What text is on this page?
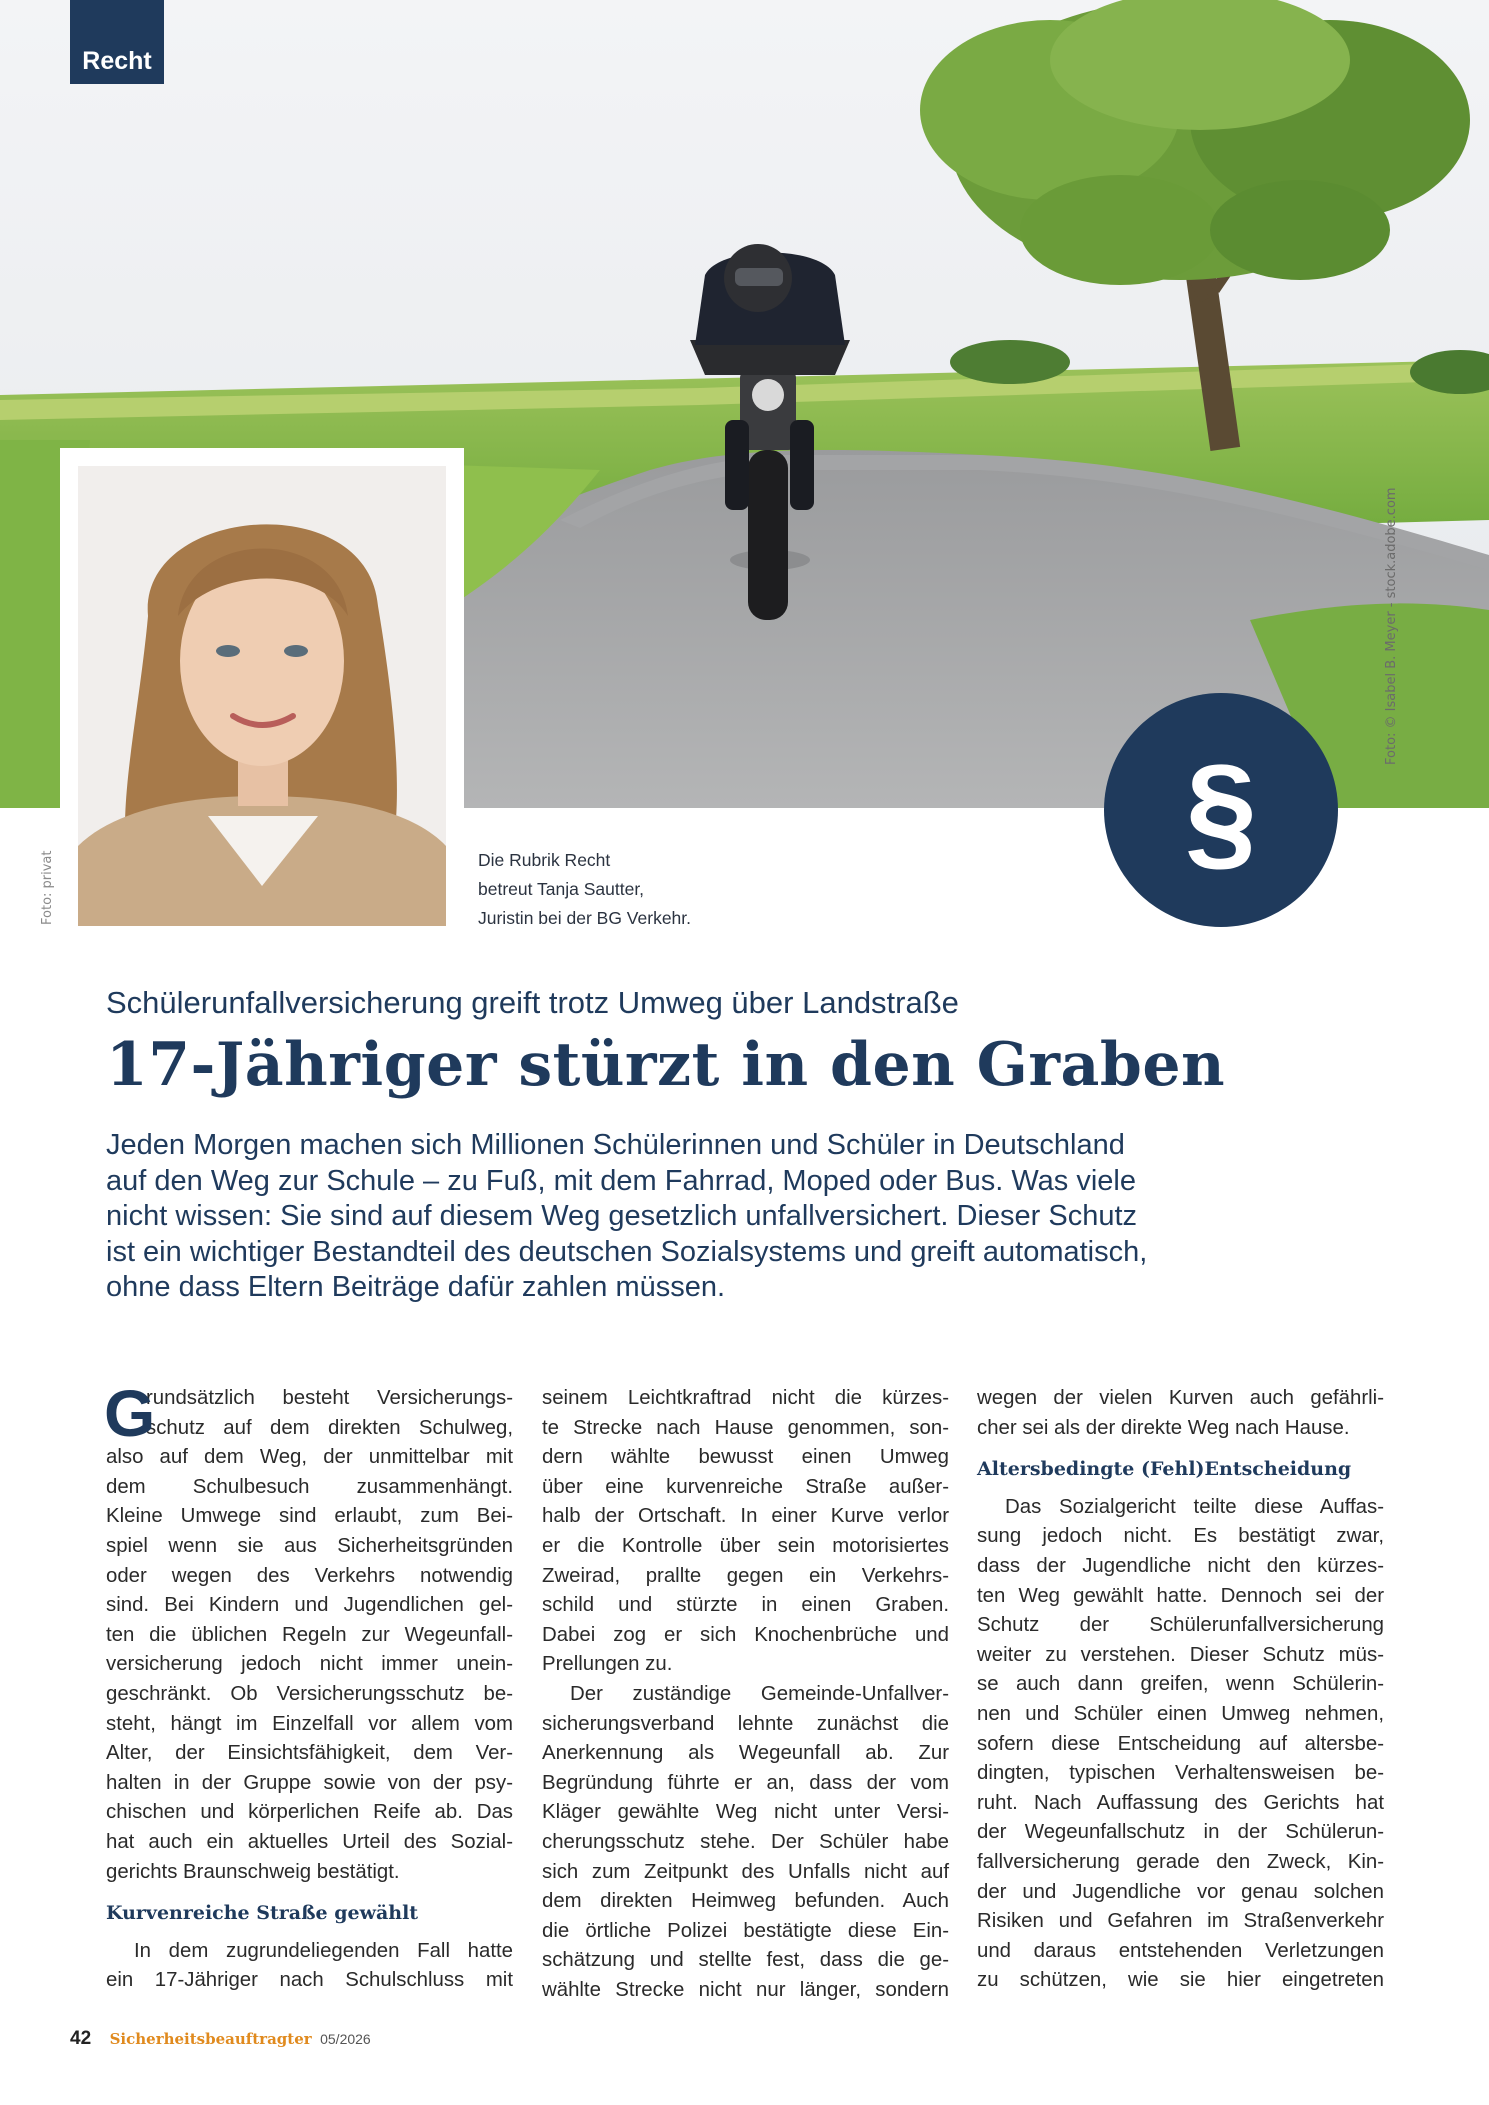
Foto: © Isabel B. Meyer - stock.adobe.com
Recht
Foto: privat	Die Rubrik Recht
betreut Tanja Sautter,
Juristin bei der BG Verkehr.
§
Schülerunfallversicherung greift trotz Umweg über Landstraße
17-Jähriger stürzt in den Graben
Jeden Morgen machen sich Millionen Schülerinnen und Schüler in Deutschland
auf den Weg zur Schule – zu Fuß, mit dem Fahrrad, Moped oder Bus. Was viele
nicht wissen: Sie sind auf diesem Weg gesetzlich unfallversichert. Dieser Schutz
ist ein wichtiger Bestandteil des deutschen Sozialsystems und greift automatisch,
ohne dass Eltern Beiträge dafür zahlen müssen.
G
rundsätzlich besteht Versicherungs-
schutz auf dem direkten Schulweg,
also auf dem Weg, der unmittelbar mit
dem Schulbesuch zusammenhängt.
Kleine Umwege sind erlaubt, zum Bei-
spiel wenn sie aus Sicherheitsgründen
oder wegen des Verkehrs notwendig
sind. Bei Kindern und Jugendlichen gel-
ten die üblichen Regeln zur Wegeunfall-
versicherung jedoch nicht immer unein-
geschränkt. Ob Versicherungsschutz be-
steht, hängt im Einzelfall vor allem vom
Alter, der Einsichtsfähigkeit, dem Ver-
halten in der Gruppe sowie von der psy-
chischen und körperlichen Reife ab. Das
hat auch ein aktuelles Urteil des Sozial-
gerichts Braunschweig bestätigt.
Kurvenreiche Straße gewählt
In dem zugrundeliegenden Fall hatte
ein 17-Jähriger nach Schulschluss mit
seinem Leichtkraftrad nicht die kürzes-
te Strecke nach Hause genommen, son-
dern wählte bewusst einen Umweg
über eine kurvenreiche Straße außer-
halb der Ortschaft. In einer Kurve verlor
er die Kontrolle über sein motorisiertes
Zweirad, prallte gegen ein Verkehrs-
schild und stürzte in einen Graben.
Dabei zog er sich Knochenbrüche und
Prellungen zu.
Der zuständige Gemeinde-Unfallver-
sicherungsverband lehnte zunächst die
Anerkennung als Wegeunfall ab. Zur
Begründung führte er an, dass der vom
Kläger gewählte Weg nicht unter Versi-
cherungsschutz stehe. Der Schüler habe
sich zum Zeitpunkt des Unfalls nicht auf
dem direkten Heimweg befunden. Auch
die örtliche Polizei bestätigte diese Ein-
schätzung und stellte fest, dass die ge-
wählte Strecke nicht nur länger, sondern
wegen der vielen Kurven auch gefährli-
cher sei als der direkte Weg nach Hause.
Altersbedingte (Fehl)Entscheidung
Das Sozialgericht teilte diese Auffas-
sung jedoch nicht. Es bestätigt zwar,
dass der Jugendliche nicht den kürzes-
ten Weg gewählt hatte. Dennoch sei der
Schutz der Schülerunfallversicherung
weiter zu verstehen. Dieser Schutz müs-
se auch dann greifen, wenn Schülerin-
nen und Schüler einen Umweg nehmen,
sofern diese Entscheidung auf altersbe-
dingten, typischen Verhaltensweisen be-
ruht. Nach Auffassung des Gerichts hat
der Wegeunfallschutz in der Schülerun-
fallversicherung gerade den Zweck, Kin-
der und Jugendliche vor genau solchen
Risiken und Gefahren im Straßenverkehr
und daraus entstehenden Verletzungen
zu schützen, wie sie hier eingetreten
42 Sicherheitsbeauftragter 05/2026
